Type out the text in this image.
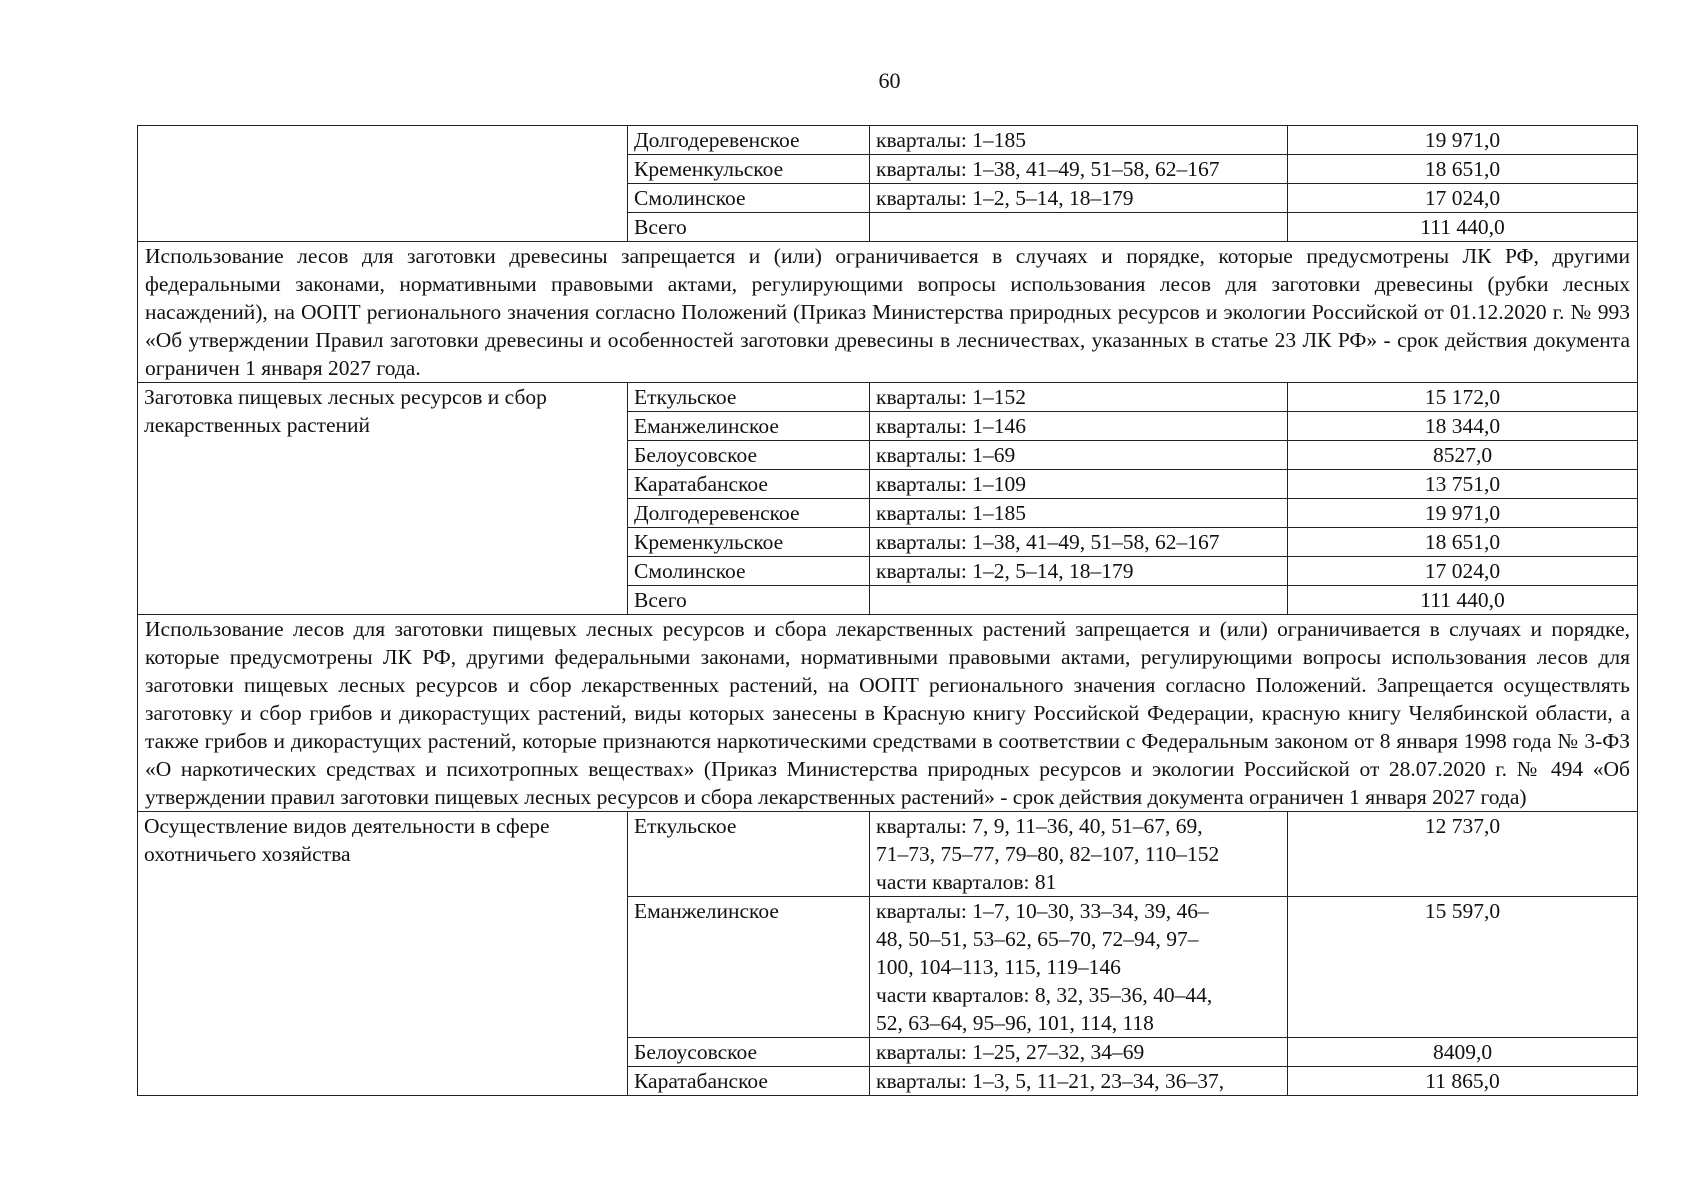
60
	Долгодеревенское	кварталы: 1–185	19 971,0
	Кременкульское	кварталы: 1–38, 41–49, 51–58, 62–167	18 651,0
	Смолинское	кварталы: 1–2, 5–14, 18–179	17 024,0
	Всего		111 440,0
Использование лесов для заготовки древесины запрещается и (или) ограничивается в случаях и порядке, которые предусмотрены ЛК РФ, другими федеральными законами, нормативными правовыми актами, регулирующими вопросы использования лесов для заготовки древесины (рубки лесных насаждений), на ООПТ регионального значения согласно Положений (Приказ Министерства природных ресурсов и экологии Российской от 01.12.2020 г. № 993 «Об утверждении Правил заготовки древесины и особенностей заготовки древесины в лесничествах, указанных в статье 23 ЛК РФ» - срок действия документа ограничен 1 января 2027 года.			
Заготовка пищевых лесных ресурсов и сбор лекарственных растений	Еткульское	кварталы: 1–152	15 172,0
	Еманжелинское	кварталы: 1–146	18 344,0
	Белоусовское	кварталы: 1–69	8527,0
	Каратабанское	кварталы: 1–109	13 751,0
	Долгодеревенское	кварталы: 1–185	19 971,0
	Кременкульское	кварталы: 1–38, 41–49, 51–58, 62–167	18 651,0
	Смолинское	кварталы: 1–2, 5–14, 18–179	17 024,0
	Всего		111 440,0
Использование лесов для заготовки пищевых лесных ресурсов и сбора лекарственных растений запрещается и (или) ограничивается в случаях и порядке, которые предусмотрены ЛК РФ, другими федеральными законами, нормативными правовыми актами, регулирующими вопросы использования лесов для заготовки пищевых лесных ресурсов и сбор лекарственных растений, на ООПТ регионального значения согласно Положений. Запрещается осуществлять заготовку и сбор грибов и дикорастущих растений, виды которых занесены в Красную книгу Российской Федерации, красную книгу Челябинской области, а также грибов и дикорастущих растений, которые признаются наркотическими средствами в соответствии с Федеральным законом от 8 января 1998 года № 3-ФЗ «О наркотических средствах и психотропных веществах» (Приказ Министерства природных ресурсов и экологии Российской от 28.07.2020 г. № 494 «Об утверждении правил заготовки пищевых лесных ресурсов и сбора лекарственных растений» - срок действия документа ограничен 1 января 2027 года)			
Осуществление видов деятельности в сфере охотничьего хозяйства	Еткульское	кварталы: 7, 9, 11–36, 40, 51–67, 69,
71–73, 75–77, 79–80, 82–107, 110–152
части кварталов: 81	12 737,0
	Еманжелинское	кварталы: 1–7, 10–30, 33–34, 39, 46–
48, 50–51, 53–62, 65–70, 72–94, 97–
100, 104–113, 115, 119–146
части кварталов: 8, 32, 35–36, 40–44,
52, 63–64, 95–96, 101, 114, 118	15 597,0
	Белоусовское	кварталы: 1–25, 27–32, 34–69	8409,0
	Каратабанское	кварталы: 1–3, 5, 11–21, 23–34, 36–37,	11 865,0
